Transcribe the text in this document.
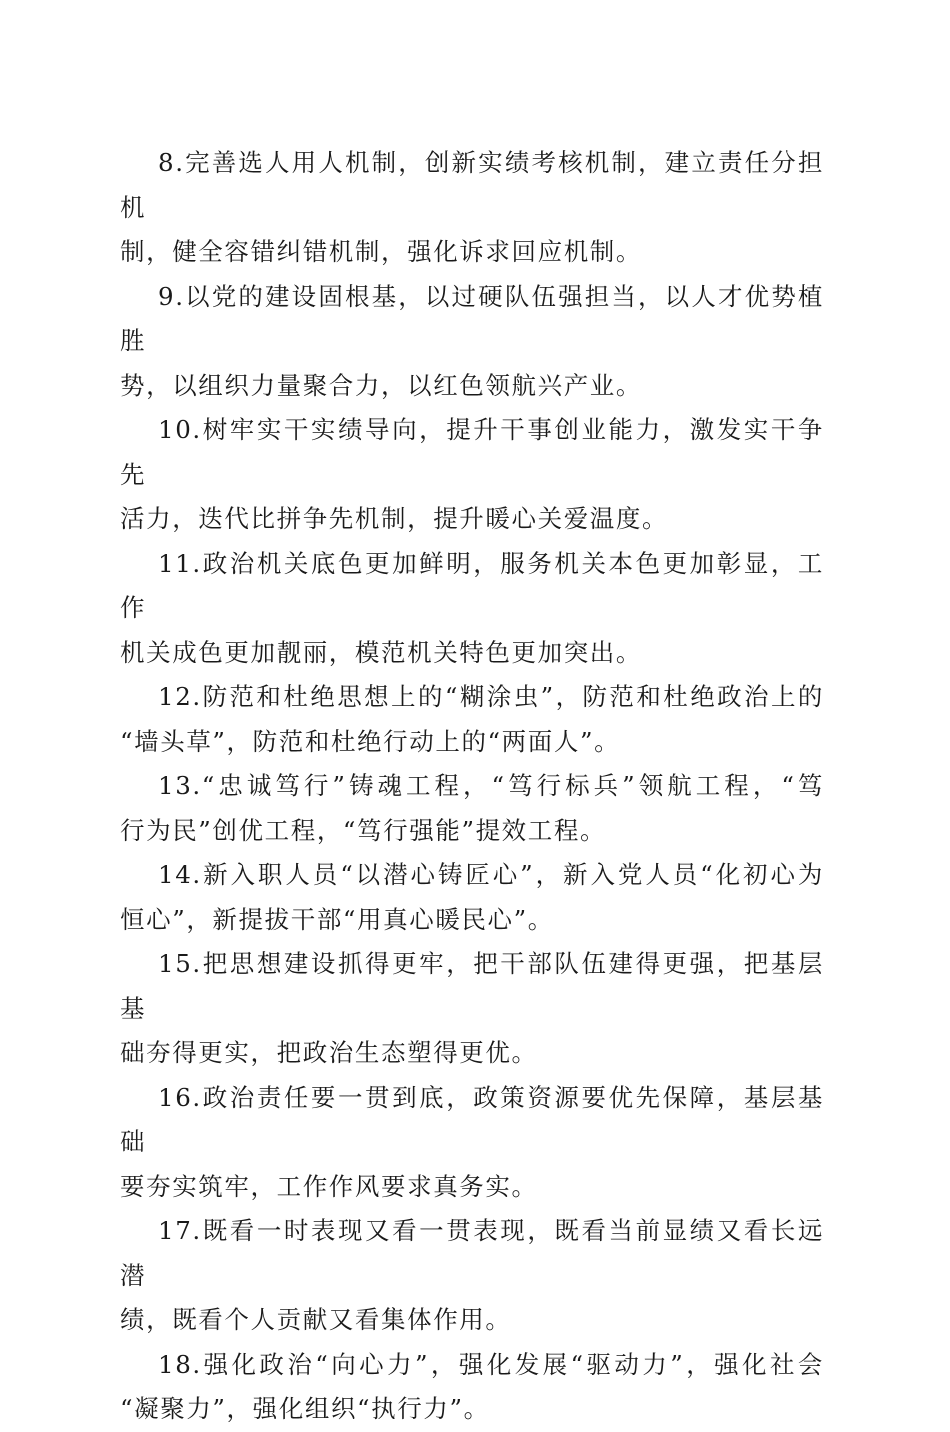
8.完善选人用人机制，创新实绩考核机制，建立责任分担机
制，健全容错纠错机制，强化诉求回应机制。

9.以党的建设固根基，以过硬队伍强担当，以人才优势植胜
势，以组织力量聚合力，以红色领航兴产业。

10.树牢实干实绩导向，提升干事创业能力，激发实干争先
活力，迭代比拼争先机制，提升暖心关爱温度。

11.政治机关底色更加鲜明，服务机关本色更加彰显，工作
机关成色更加靓丽，模范机关特色更加突出。

12.防范和杜绝思想上的“糊涂虫”，防范和杜绝政治上的
“墙头草”，防范和杜绝行动上的“两面人”。

13.“忠诚笃行”铸魂工程，“笃行标兵”领航工程，“笃
行为民”创优工程，“笃行强能”提效工程。

14.新入职人员“以潜心铸匠心”，新入党人员“化初心为
恒心”，新提拔干部“用真心暖民心”。

15.把思想建设抓得更牢，把干部队伍建得更强，把基层基
础夯得更实，把政治生态塑得更优。

16.政治责任要一贯到底，政策资源要优先保障，基层基础
要夯实筑牢，工作作风要求真务实。

17.既看一时表现又看一贯表现，既看当前显绩又看长远潜
绩，既看个人贡献又看集体作用。

18.强化政治“向心力”，强化发展“驱动力”，强化社会
“凝聚力”，强化组织“执行力”。
